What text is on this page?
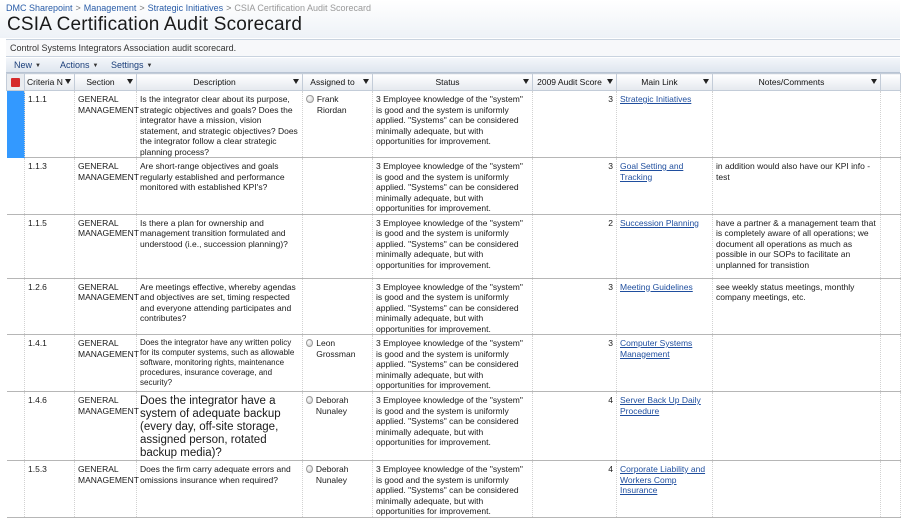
DMC Sharepoint > Management > Strategic Initiatives > CSIA Certification Audit Scorecard
CSIA Certification Audit Scorecard
Control Systems Integrators Association audit scorecard.
New ▼ Actions ▼ Settings ▼
	Criteria N	Section	Description	Assigned to	Status	2009 Audit Score	Main Link	Notes/Comments

	1.1.1	GENERAL MANAGEMENT	Is the integrator clear about its purpose, strategic objectives and goals? Does the integrator have a mission, vision statement, and strategic objectives? Does the integrator follow a clear strategic planning process?	Frank Riordan	3 Employee knowledge of the "system" is good and the system is uniformly applied. "Systems" can be considered minimally adequate, but with opportunities for improvement.	3	Strategic Initiatives		
	1.1.3	GENERAL MANAGEMENT	Are short-range objectives and goals regularly established and performance monitored with established KPI's?		3 Employee knowledge of the "system" is good and the system is uniformly applied. "Systems" can be considered minimally adequate, but with opportunities for improvement.	3	Goal Setting and Tracking	in addition would also have our KPI info - test	
	1.1.5	GENERAL MANAGEMENT	Is there a plan for ownership and management transition formulated and understood (i.e., succession planning)?		3 Employee knowledge of the "system" is good and the system is uniformly applied. "Systems" can be considered minimally adequate, but with opportunities for improvement.	2	Succession Planning	have a partner & a management team that is completely aware of all operations; we document all operations as much as possible in our SOPs to facilitate an unplanned for transistion	
	1.2.6	GENERAL MANAGEMENT	Are meetings effective, whereby agendas and objectives are set, timing respected and everyone attending participates and contributes?		3 Employee knowledge of the "system" is good and the system is uniformly applied. "Systems" can be considered minimally adequate, but with opportunities for improvement.	3	Meeting Guidelines	see weekly status meetings, monthly company meetings, etc.	
	1.4.1	GENERAL MANAGEMENT	Does the integrator have any written policy for its computer systems, such as allowable software, monitoring rights, maintenance procedures, insurance coverage, and security?	Leon Grossman	3 Employee knowledge of the "system" is good and the system is uniformly applied. "Systems" can be considered minimally adequate, but with opportunities for improvement.	3	Computer Systems Management		
	1.4.6	GENERAL MANAGEMENT	Does the integrator have a system of adequate backup (every day, off-site storage, assigned person, rotated backup media)?	Deborah Nunaley	3 Employee knowledge of the "system" is good and the system is uniformly applied. "Systems" can be considered minimally adequate, but with opportunities for improvement.	4	Server Back Up Daily Procedure		
	1.5.3	GENERAL MANAGEMENT	Does the firm carry adequate errors and omissions insurance when required?	Deborah Nunaley	3 Employee knowledge of the "system" is good and the system is uniformly applied. "Systems" can be considered minimally adequate, but with opportunities for improvement.	4	Corporate Liability and Workers Comp Insurance		
